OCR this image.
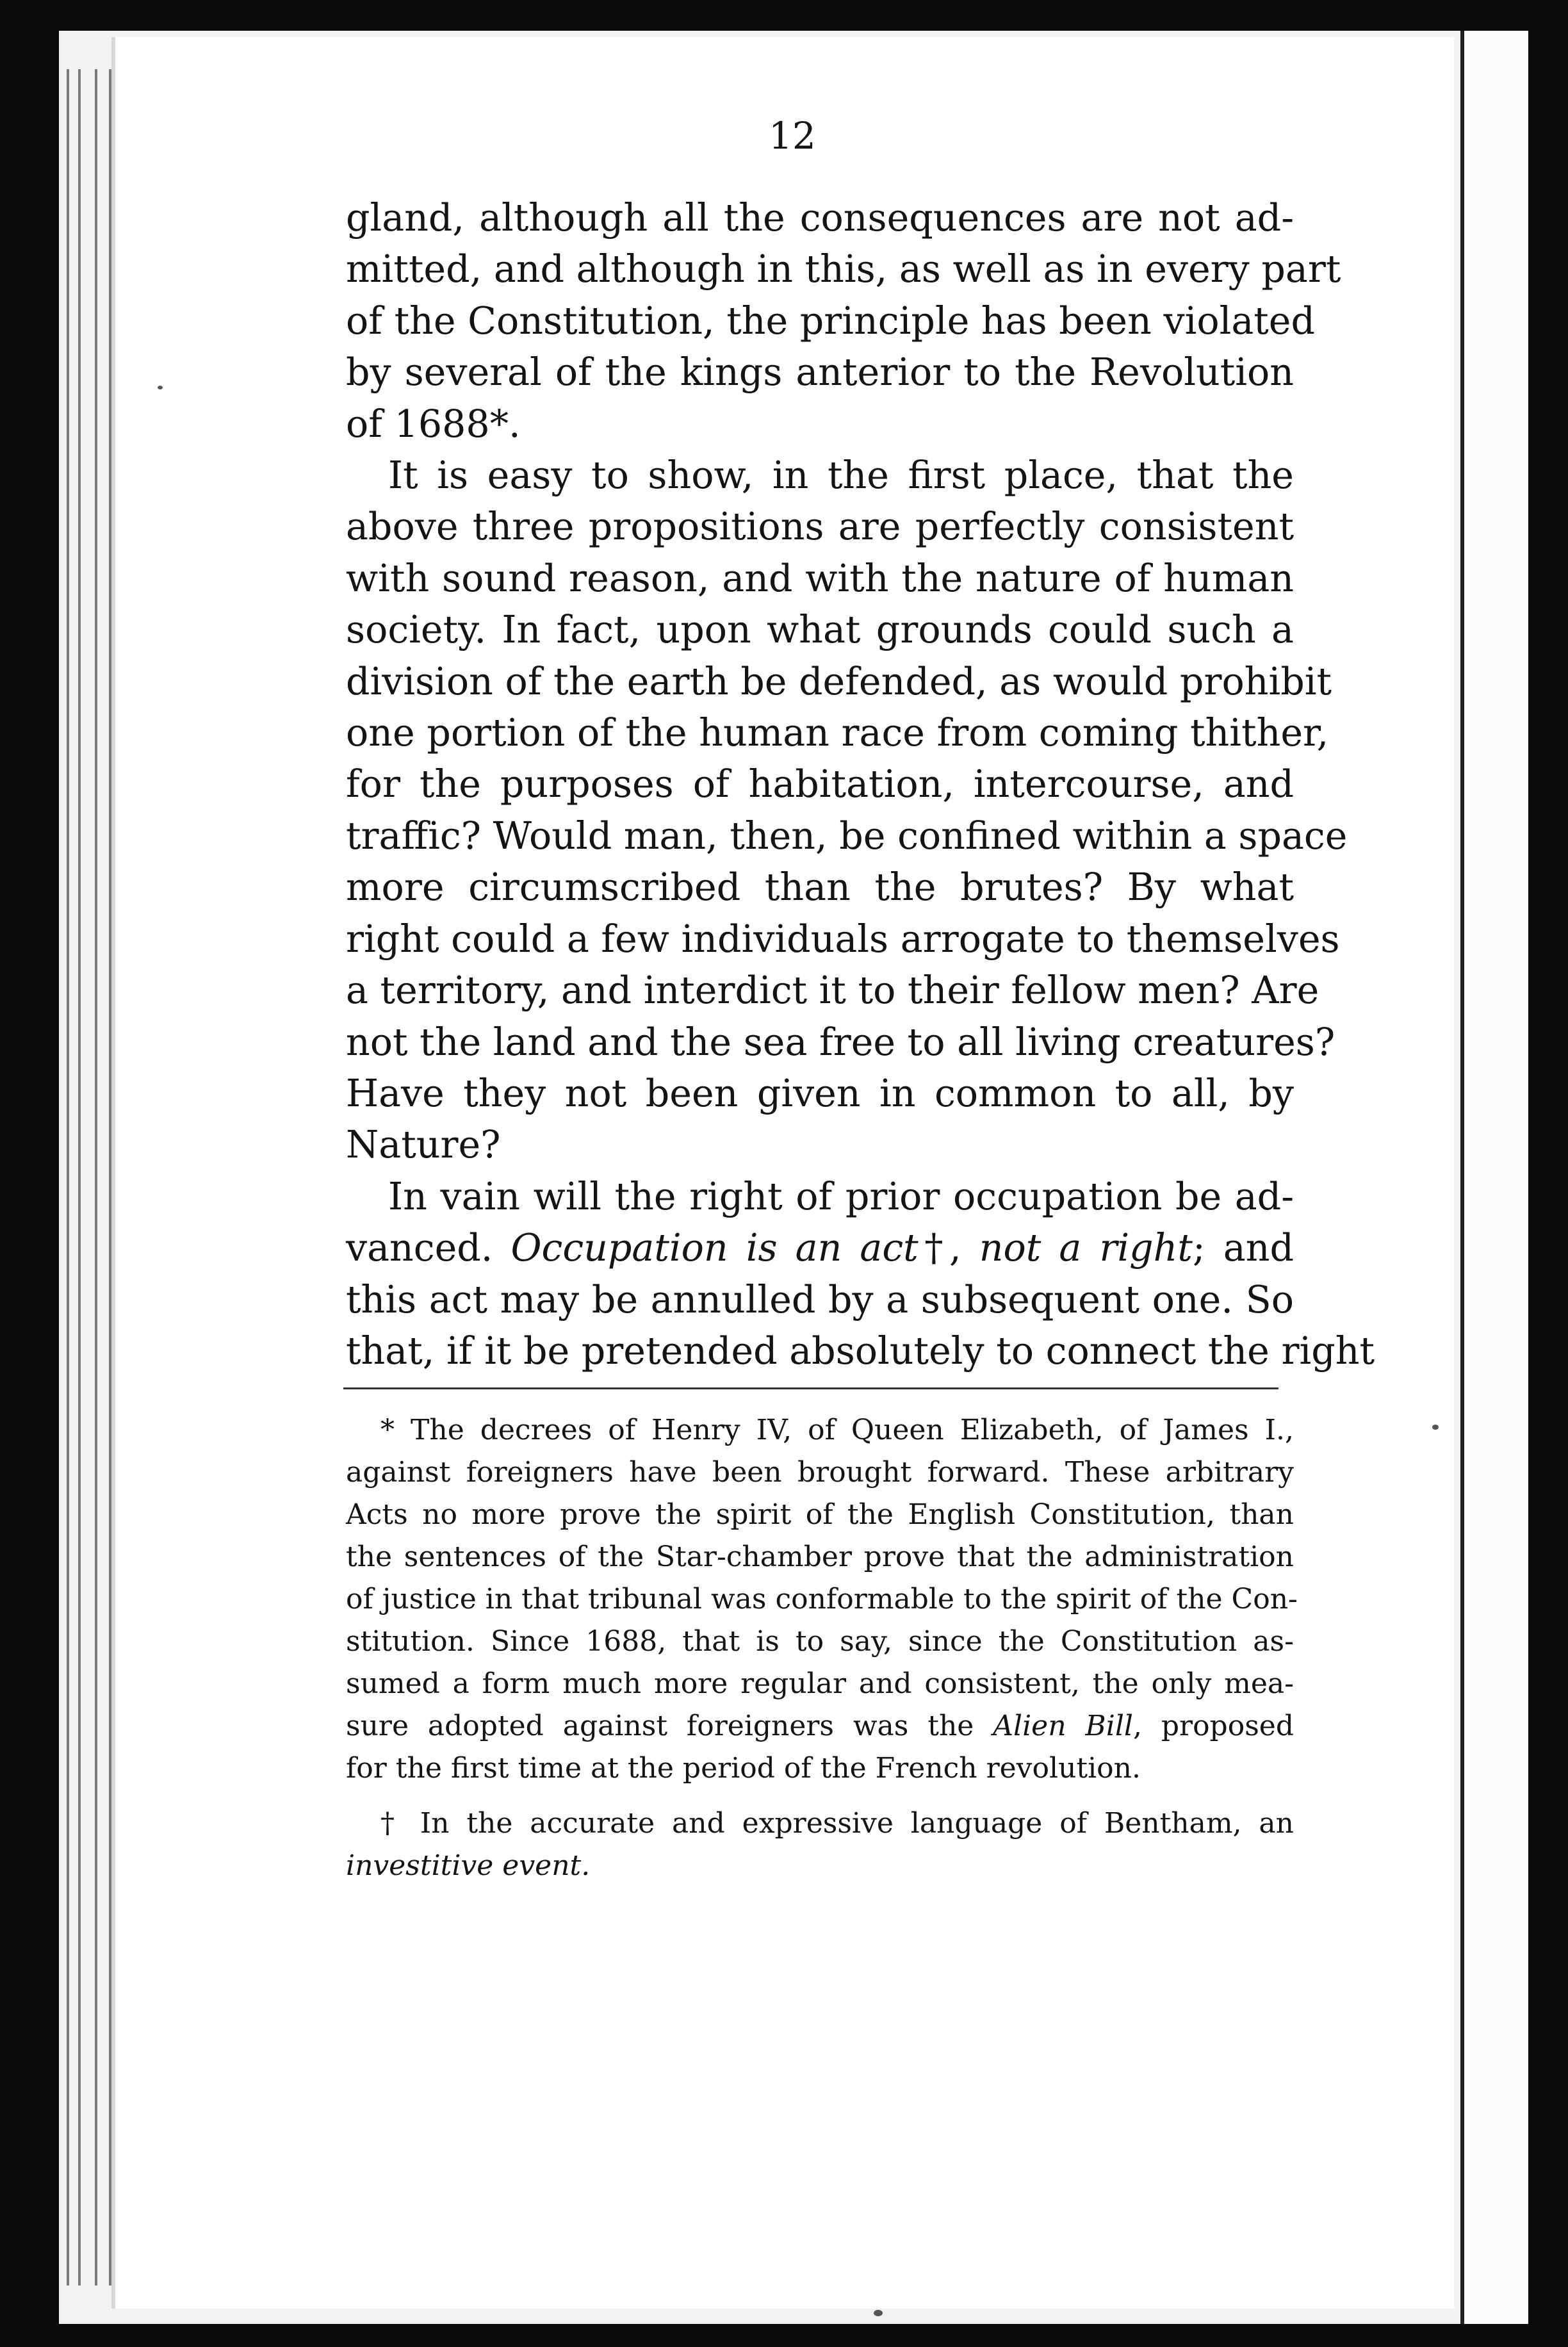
12
gland, although all the consequences are not ad-
mitted, and although in this, as well as in every part
of the Constitution, the principle has been violated
by several of the kings anterior to the Revolution
of 1688*.
It is easy to show, in the first place, that the
above three propositions are perfectly consistent
with sound reason, and with the nature of human
society. In fact, upon what grounds could such a
division of the earth be defended, as would prohibit
one portion of the human race from coming thither,
for the purposes of habitation, intercourse, and
traffic? Would man, then, be confined within a space
more circumscribed than the brutes? By what
right could a few individuals arrogate to themselves
a territory, and interdict it to their fellow men? Are
not the land and the sea free to all living creatures?
Have they not been given in common to all, by
Nature?
In vain will the right of prior occupation be ad-
vanced. Occupation is an act†, not a right; and
this act may be annulled by a subsequent one. So
that, if it be pretended absolutely to connect the right
* The decrees of Henry IV, of Queen Elizabeth, of James I.,
against foreigners have been brought forward. These arbitrary
Acts no more prove the spirit of the English Constitution, than
the sentences of the Star-chamber prove that the administration
of justice in that tribunal was conformable to the spirit of the Con-
stitution. Since 1688, that is to say, since the Constitution as-
sumed a form much more regular and consistent, the only mea-
sure adopted against foreigners was the Alien Bill, proposed
for the first time at the period of the French revolution.
† In the accurate and expressive language of Bentham, an
investitive event.
